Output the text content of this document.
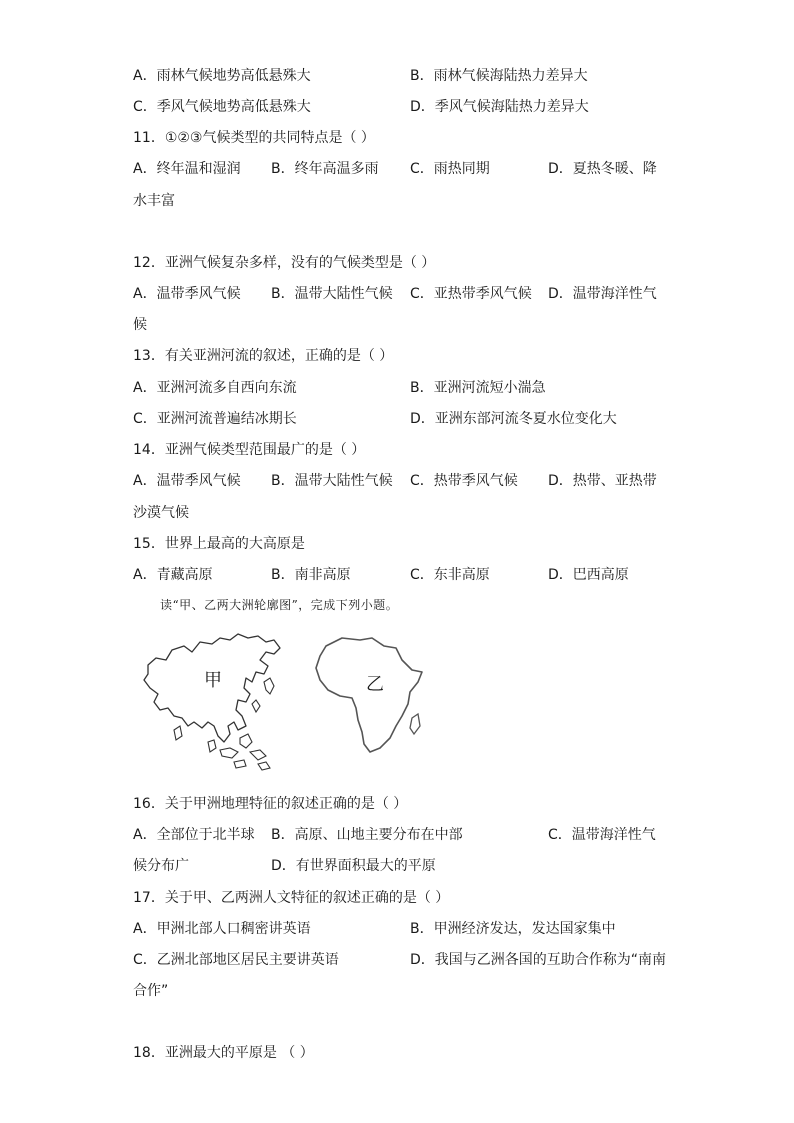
A．雨林气候地势高低悬殊大	B．雨林气候海陆热力差异大
C．季风气候地势高低悬殊大	D．季风气候海陆热力差异大
11．①②③气候类型的共同特点是（ ）
A．终年温和湿润 B．终年高温多雨 C．雨热同期	D．夏热冬暖、降
水丰富
12．亚洲气候复杂多样，没有的气候类型是（ ）
A．温带季风气候 B．温带大陆性气候 C．亚热带季风气候 D．温带海洋性气
候
13．有关亚洲河流的叙述，正确的是（ ）
A．亚洲河流多自西向东流	B．亚洲河流短小湍急
C．亚洲河流普遍结冰期长	D．亚洲东部河流冬夏水位变化大
14．亚洲气候类型范围最广的是（ ）
A．温带季风气候 B．温带大陆性气候 C．热带季风气候 D．热带、亚热带
沙漠气候
15．世界上最高的大高原是
A．青藏高原	B．南非高原	C．东非高原	D．巴西高原
读“甲、乙两大洲轮廓图”，完成下列小题。
甲	乙
16．关于甲洲地理特征的叙述正确的是（ ）
A．全部位于北半球 B．高原、山地主要分布在中部	C．温带海洋性气
候分布广	D．有世界面积最大的平原
17．关于甲、乙两洲人文特征的叙述正确的是（ ）
A．甲洲北部人口稠密讲英语	B．甲洲经济发达，发达国家集中
C．乙洲北部地区居民主要讲英语	D．我国与乙洲各国的互助合作称为“南南
合作”
18．亚洲最大的平原是 （ ）
